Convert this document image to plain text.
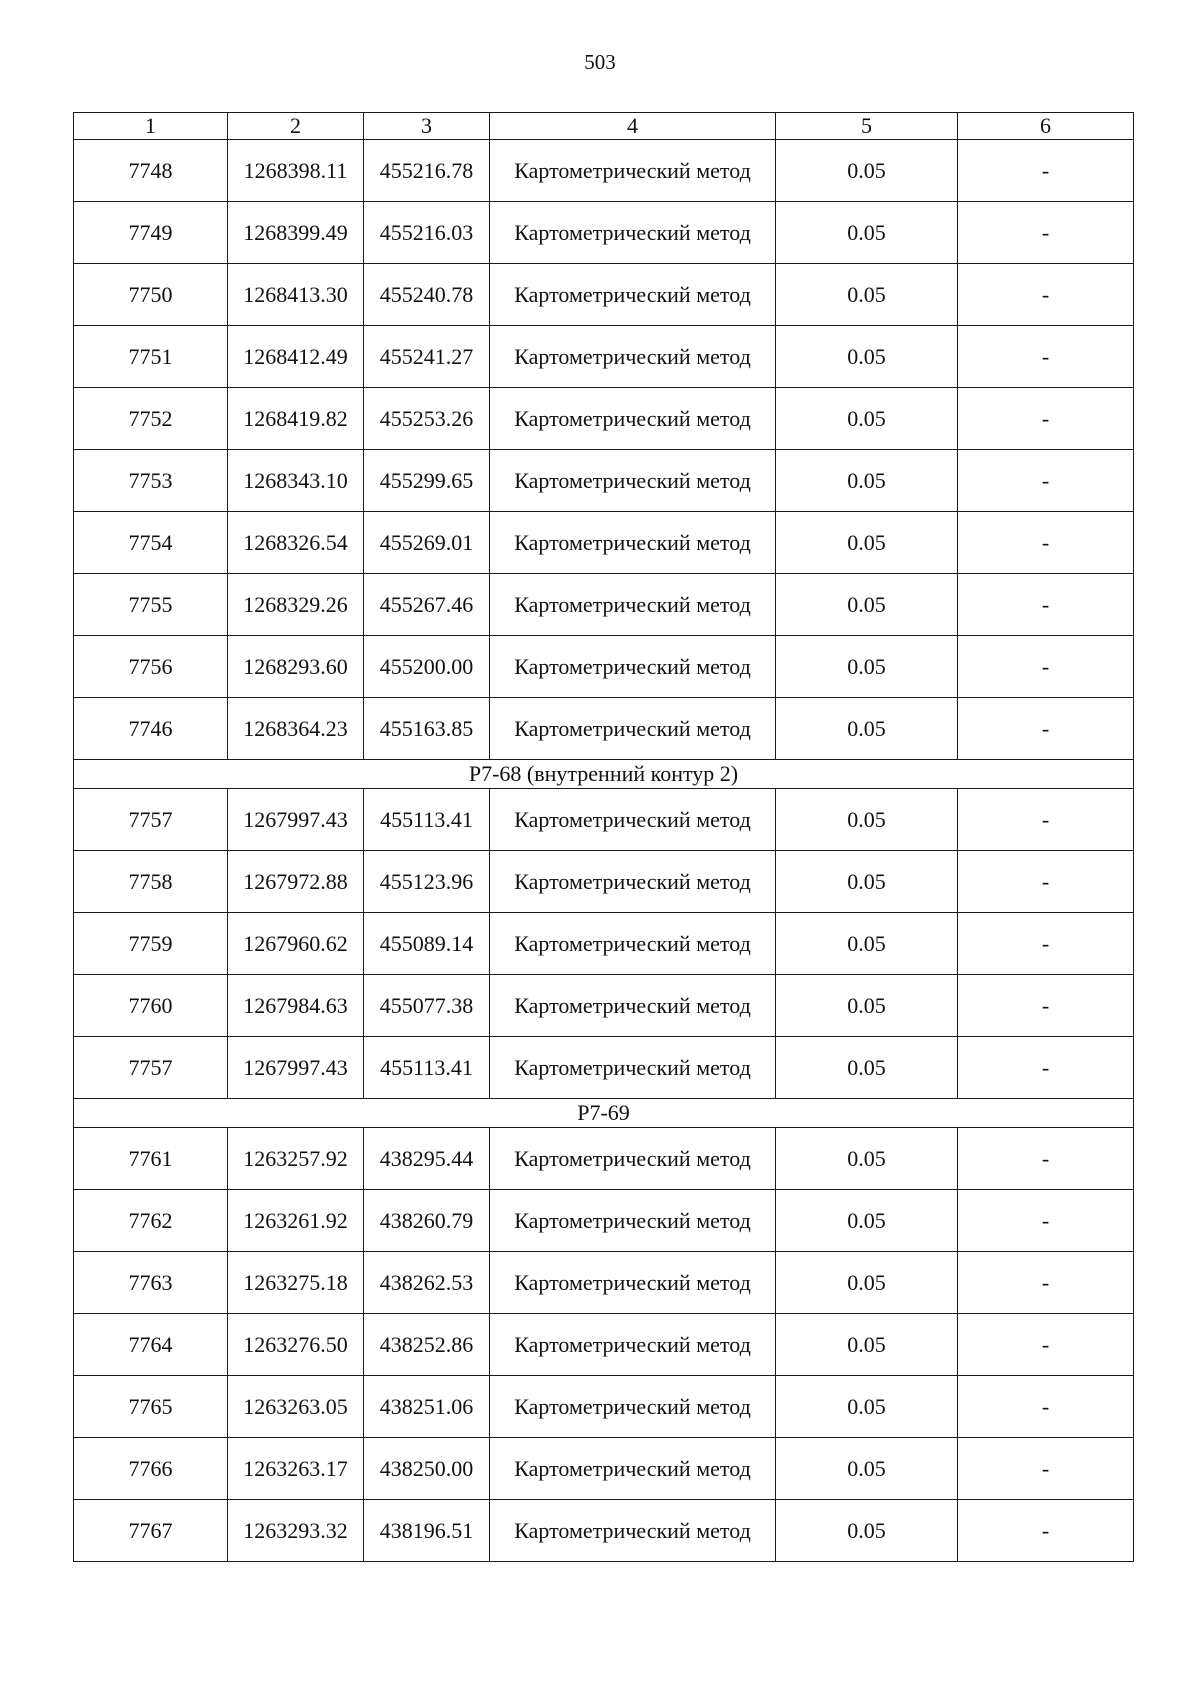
503
1	2	3	4	5	6
7748	1268398.11	455216.78	Картометрический метод	0.05	-
7749	1268399.49	455216.03	Картометрический метод	0.05	-
7750	1268413.30	455240.78	Картометрический метод	0.05	-
7751	1268412.49	455241.27	Картометрический метод	0.05	-
7752	1268419.82	455253.26	Картометрический метод	0.05	-
7753	1268343.10	455299.65	Картометрический метод	0.05	-
7754	1268326.54	455269.01	Картометрический метод	0.05	-
7755	1268329.26	455267.46	Картометрический метод	0.05	-
7756	1268293.60	455200.00	Картометрический метод	0.05	-
7746	1268364.23	455163.85	Картометрический метод	0.05	-
Р7-68 (внутренний контур 2)					
7757	1267997.43	455113.41	Картометрический метод	0.05	-
7758	1267972.88	455123.96	Картометрический метод	0.05	-
7759	1267960.62	455089.14	Картометрический метод	0.05	-
7760	1267984.63	455077.38	Картометрический метод	0.05	-
7757	1267997.43	455113.41	Картометрический метод	0.05	-
Р7-69					
7761	1263257.92	438295.44	Картометрический метод	0.05	-
7762	1263261.92	438260.79	Картометрический метод	0.05	-
7763	1263275.18	438262.53	Картометрический метод	0.05	-
7764	1263276.50	438252.86	Картометрический метод	0.05	-
7765	1263263.05	438251.06	Картометрический метод	0.05	-
7766	1263263.17	438250.00	Картометрический метод	0.05	-
7767	1263293.32	438196.51	Картометрический метод	0.05	-
